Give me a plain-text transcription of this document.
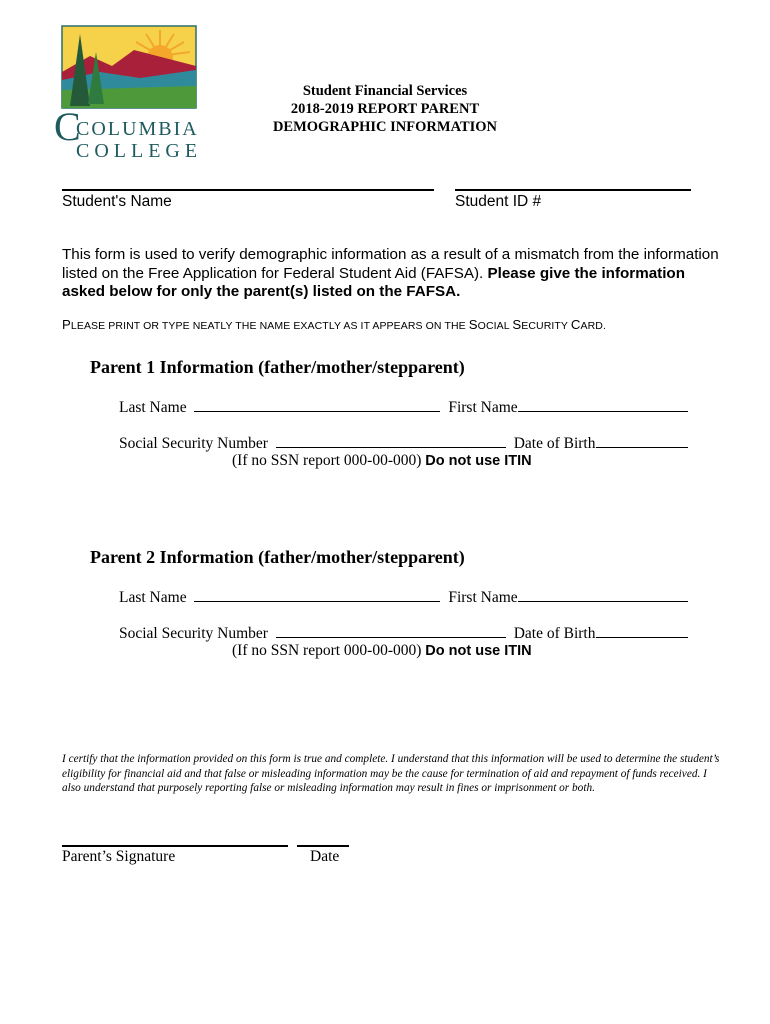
C
COLUMBIA
COLLEGE
Student Financial Services
2018-2019 REPORT PARENT
DEMOGRAPHIC INFORMATION
Student's Name	Student ID #
This form is used to verify demographic information as a result of a mismatch from the information listed on the Free Application for Federal Student Aid (FAFSA). Please give the information asked below for only the parent(s) listed on the FAFSA.
PLEASE PRINT OR TYPE NEATLY THE NAME EXACTLY AS IT APPEARS ON THE SOCIAL SECURITY CARD.
Parent 1 Information (father/mother/stepparent)
Last Name	First Name
Social Security Number	Date of Birth
(If no SSN report 000-00-000) Do not use ITIN
Parent 2 Information (father/mother/stepparent)
Last Name	First Name
Social Security Number	Date of Birth
(If no SSN report 000-00-000) Do not use ITIN
I certify that the information provided on this form is true and complete. I understand that this information will be used to determine the student’s eligibility for financial aid and that false or misleading information may be the cause for termination of aid and repayment of funds received. I also understand that purposely reporting false or misleading information may result in fines or imprisonment or both.
Parent’s Signature	Date
